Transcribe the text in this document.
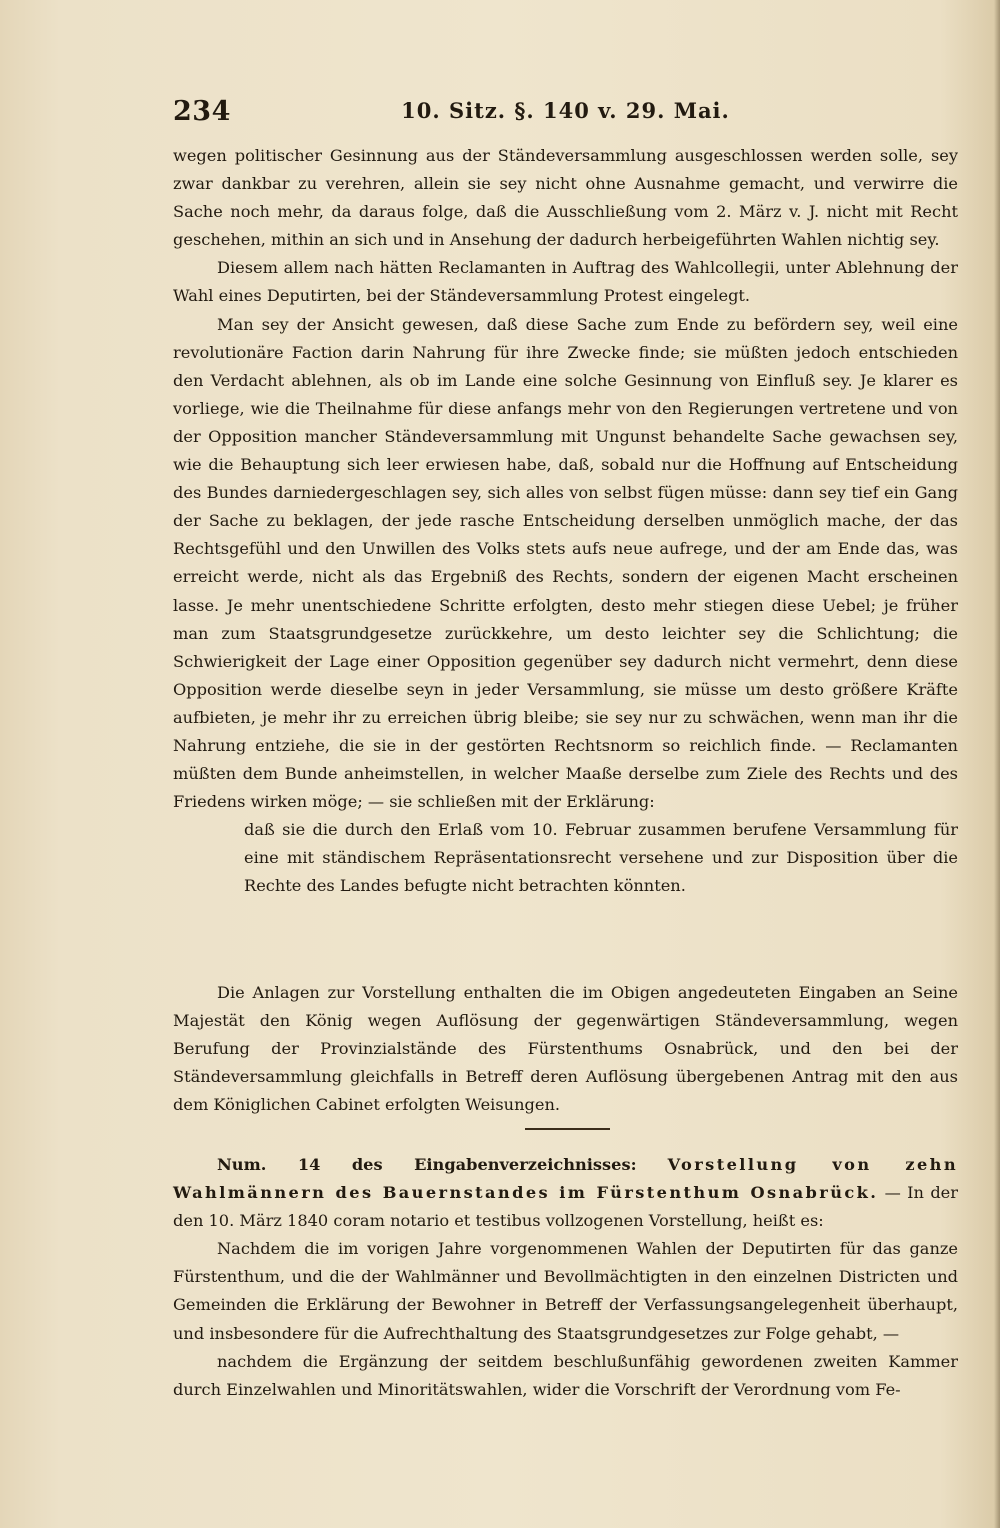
234	10. Sitz. §. 140 v. 29. Mai.

wegen politischer Gesinnung aus der Ständeversammlung ausgeschlossen werden solle, sey zwar dankbar zu verehren, allein sie sey nicht ohne Ausnahme gemacht, und verwirre die Sache noch mehr, da daraus folge, daß die Ausschließung vom 2. März v. J. nicht mit Recht geschehen, mithin an sich und in Ansehung der dadurch herbeigeführten Wahlen nichtig sey.

Diesem allem nach hätten Reclamanten in Auftrag des Wahlcollegii, unter Ablehnung der Wahl eines Deputirten, bei der Ständeversammlung Protest eingelegt.

Man sey der Ansicht gewesen, daß diese Sache zum Ende zu befördern sey, weil eine revolutionäre Faction darin Nahrung für ihre Zwecke finde; sie müßten jedoch entschieden den Verdacht ablehnen, als ob im Lande eine solche Gesinnung von Einfluß sey. Je klarer es vorliege, wie die Theilnahme für diese anfangs mehr von den Regierungen vertretene und von der Opposition mancher Ständeversammlung mit Ungunst behandelte Sache gewachsen sey, wie die Behauptung sich leer erwiesen habe, daß, sobald nur die Hoffnung auf Entscheidung des Bundes darniedergeschlagen sey, sich alles von selbst fügen müsse: dann sey tief ein Gang der Sache zu beklagen, der jede rasche Entscheidung derselben unmöglich mache, der das Rechtsgefühl und den Unwillen des Volks stets aufs neue aufrege, und der am Ende das, was erreicht werde, nicht als das Ergebniß des Rechts, sondern der eigenen Macht erscheinen lasse. Je mehr unentschiedene Schritte erfolgten, desto mehr stiegen diese Uebel; je früher man zum Staatsgrundgesetze zurückkehre, um desto leichter sey die Schlichtung; die Schwierigkeit der Lage einer Opposition gegenüber sey dadurch nicht vermehrt, denn diese Opposition werde dieselbe seyn in jeder Versammlung, sie müsse um desto größere Kräfte aufbieten, je mehr ihr zu erreichen übrig bleibe; sie sey nur zu schwächen, wenn man ihr die Nahrung entziehe, die sie in der gestörten Rechtsnorm so reichlich finde. — Reclamanten müßten dem Bunde anheimstellen, in welcher Maaße derselbe zum Ziele des Rechts und des Friedens wirken möge; — sie schließen mit der Erklärung:

daß sie die durch den Erlaß vom 10. Februar zusammen berufene Versammlung für eine mit ständischem Repräsentationsrecht versehene und zur Disposition über die Rechte des Landes befugte nicht betrachten könnten.

Die Anlagen zur Vorstellung enthalten die im Obigen angedeuteten Eingaben an Seine Majestät den König wegen Auflösung der gegenwärtigen Ständeversammlung, wegen Berufung der Provinzialstände des Fürstenthums Osnabrück, und den bei der Ständeversammlung gleichfalls in Betreff deren Auflösung übergebenen Antrag mit den aus dem Königlichen Cabinet erfolgten Weisungen.

Num. 14 des Eingabenverzeichnisses: Vorstellung von zehn Wahlmännern des Bauernstandes im Fürstenthum Osnabrück. — In der den 10. März 1840 coram notario et testibus vollzogenen Vorstellung, heißt es:

Nachdem die im vorigen Jahre vorgenommenen Wahlen der Deputirten für das ganze Fürstenthum, und die der Wahlmänner und Bevollmächtigten in den einzelnen Districten und Gemeinden die Erklärung der Bewohner in Betreff der Verfassungsangelegenheit überhaupt, und insbesondere für die Aufrechthaltung des Staatsgrundgesetzes zur Folge gehabt, —

nachdem die Ergänzung der seitdem beschlußunfähig gewordenen zweiten Kammer durch Einzelwahlen und Minoritätswahlen, wider die Vorschrift der Verordnung vom Fe-
